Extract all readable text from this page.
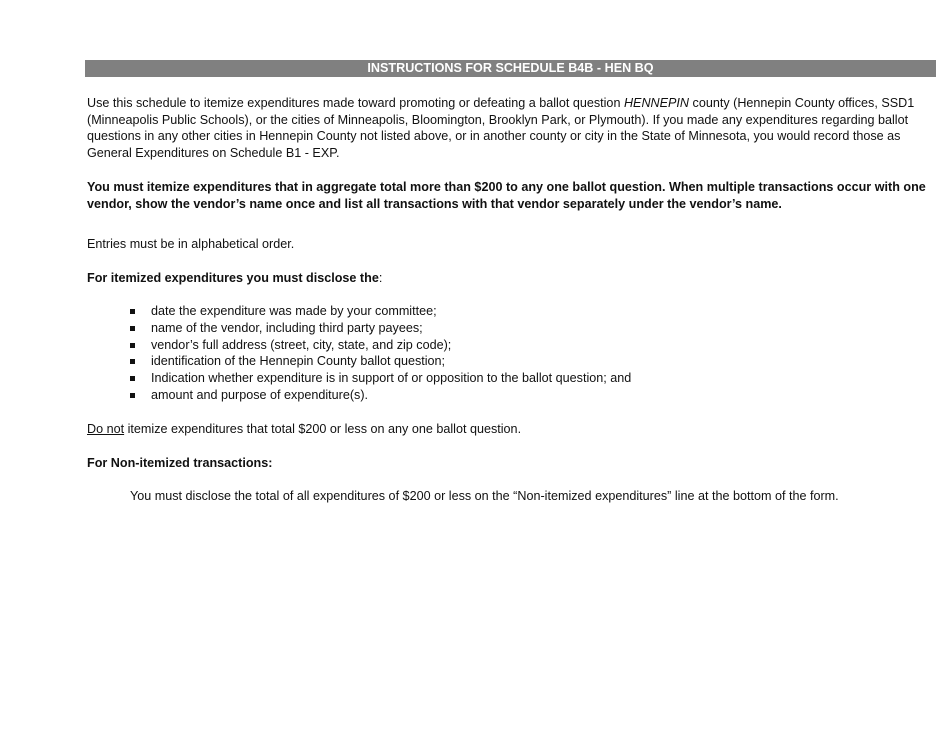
INSTRUCTIONS FOR SCHEDULE B4B - HEN BQ

Use this schedule to itemize expenditures made toward promoting or defeating a ballot question HENNEPIN county (Hennepin County offices, SSD1 (Minneapolis Public Schools), or the cities of Minneapolis, Bloomington, Brooklyn Park, or Plymouth). If you made any expenditures regarding ballot questions in any other cities in Hennepin County not listed above, or in another county or city in the State of Minnesota, you would record those as General Expenditures on Schedule B1 - EXP.

You must itemize expenditures that in aggregate total more than $200 to any one ballot question. When multiple transactions occur with one vendor, show the vendor’s name once and list all transactions with that vendor separately under the vendor’s name.

Entries must be in alphabetical order.

For itemized expenditures you must disclose the:

date the expenditure was made by your committee;
name of the vendor, including third party payees;
vendor’s full address (street, city, state, and zip code);
identification of the Hennepin County ballot question;
Indication whether expenditure is in support of or opposition to the ballot question; and
amount and purpose of expenditure(s).

Do not itemize expenditures that total $200 or less on any one ballot question.

For Non-itemized transactions:

You must disclose the total of all expenditures of $200 or less on the “Non-itemized expenditures” line at the bottom of the form.
